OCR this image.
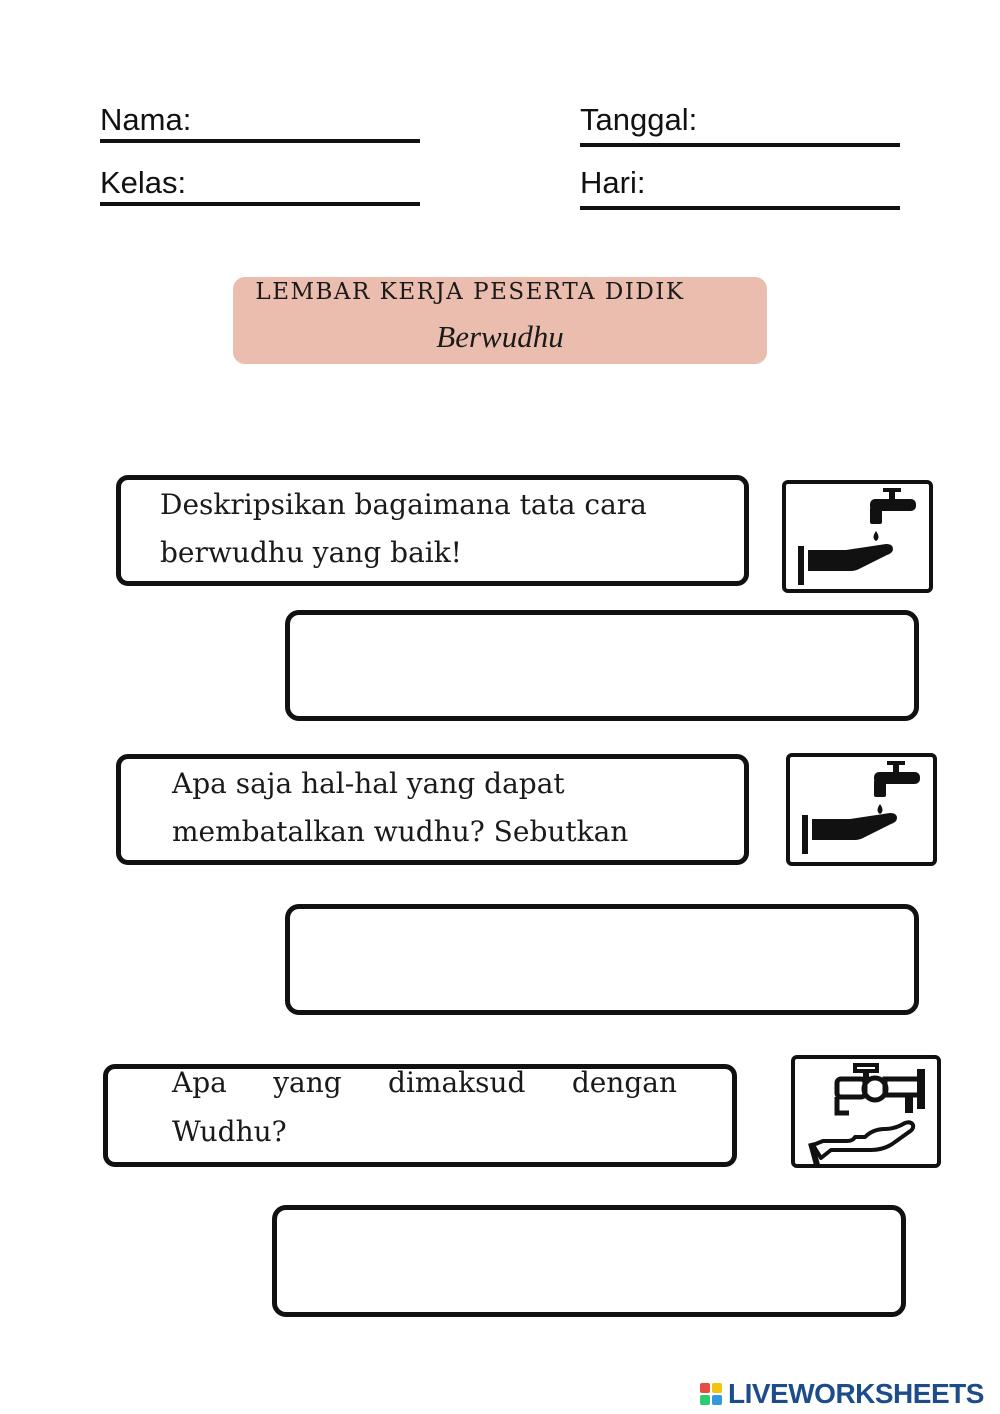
Nama:	Tanggal:
Kelas:	Hari:
LEMBAR KERJA PESERTA DIDIK
Berwudhu
Deskripsikan bagaimana tata cara
berwudhu yang baik!
Apa saja hal-hal yang dapat
membatalkan wudhu? Sebutkan
Apa yang dimaksud dengan
Wudhu?
LIVEWORKSHEETS
